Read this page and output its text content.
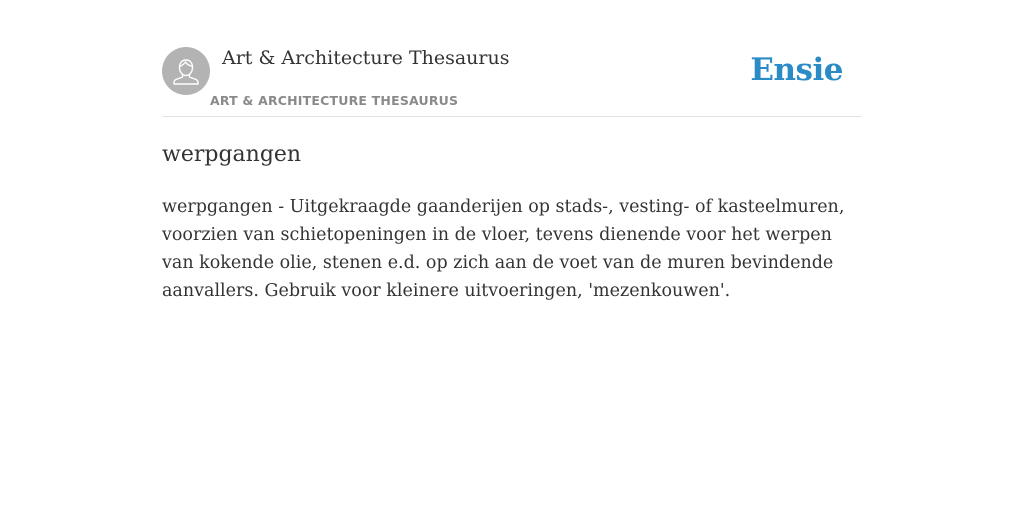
Art & Architecture Thesaurus
ART & ARCHITECTURE THESAURUS
Ensie
werpgangen

werpgangen - Uitgekraagde gaanderijen op stads-, vesting- of kasteelmuren, voorzien van schietopeningen in de vloer, tevens dienende voor het werpen van kokende olie, stenen e.d. op zich aan de voet van de muren bevindende aanvallers. Gebruik voor kleinere uitvoeringen, 'mezenkouwen'.
